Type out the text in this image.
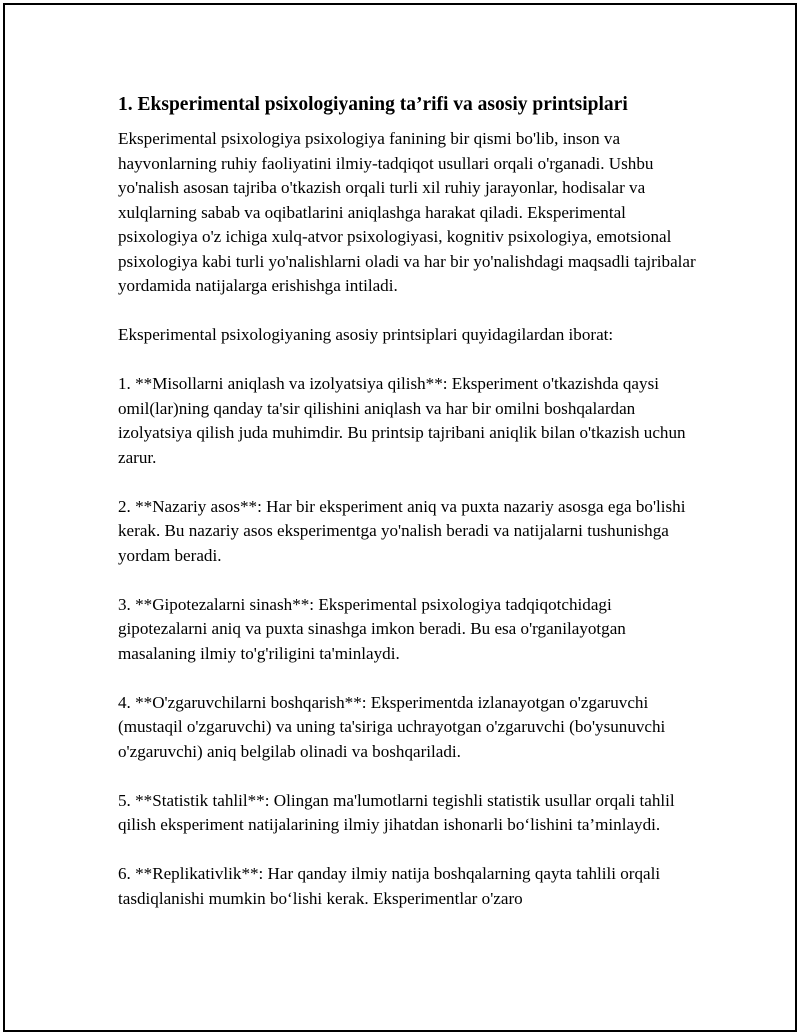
1. Eksperimental psixologiyaning ta’rifi va asosiy printsiplari

Eksperimental psixologiya psixologiya fanining bir qismi bo'lib, inson va hayvonlarning ruhiy faoliyatini ilmiy-tadqiqot usullari orqali o'rganadi. Ushbu yo'nalish asosan tajriba o'tkazish orqali turli xil ruhiy jarayonlar, hodisalar va xulqlarning sabab va oqibatlarini aniqlashga harakat qiladi. Eksperimental psixologiya o'z ichiga xulq-atvor psixologiyasi, kognitiv psixologiya, emotsional psixologiya kabi turli yo'nalishlarni oladi va har bir yo'nalishdagi maqsadli tajribalar yordamida natijalarga erishishga intiladi.

Eksperimental psixologiyaning asosiy printsiplari quyidagilardan iborat:

1. **Misollarni aniqlash va izolyatsiya qilish**: Eksperiment o'tkazishda qaysi omil(lar)ning qanday ta'sir qilishini aniqlash va har bir omilni boshqalardan izolyatsiya qilish juda muhimdir. Bu printsip tajribani aniqlik bilan o'tkazish uchun zarur.

2. **Nazariy asos**: Har bir eksperiment aniq va puxta nazariy asosga ega bo'lishi kerak. Bu nazariy asos eksperimentga yo'nalish beradi va natijalarni tushunishga yordam beradi.

3. **Gipotezalarni sinash**: Eksperimental psixologiya tadqiqotchidagi gipotezalarni aniq va puxta sinashga imkon beradi. Bu esa o'rganilayotgan masalaning ilmiy to'g'riligini ta'minlaydi.

4. **O'zgaruvchilarni boshqarish**: Eksperimentda izlanayotgan o'zgaruvchi (mustaqil o'zgaruvchi) va uning ta'siriga uchrayotgan o'zgaruvchi (bo'ysunuvchi o'zgaruvchi) aniq belgilab olinadi va boshqariladi.

5. **Statistik tahlil**: Olingan ma'lumotlarni tegishli statistik usullar orqali tahlil qilish eksperiment natijalarining ilmiy jihatdan ishonarli bo‘lishini ta’minlaydi.

6. **Replikativlik**: Har qanday ilmiy natija boshqalarning qayta tahlili orqali tasdiqlanishi mumkin bo‘lishi kerak. Eksperimentlar o'zaro
